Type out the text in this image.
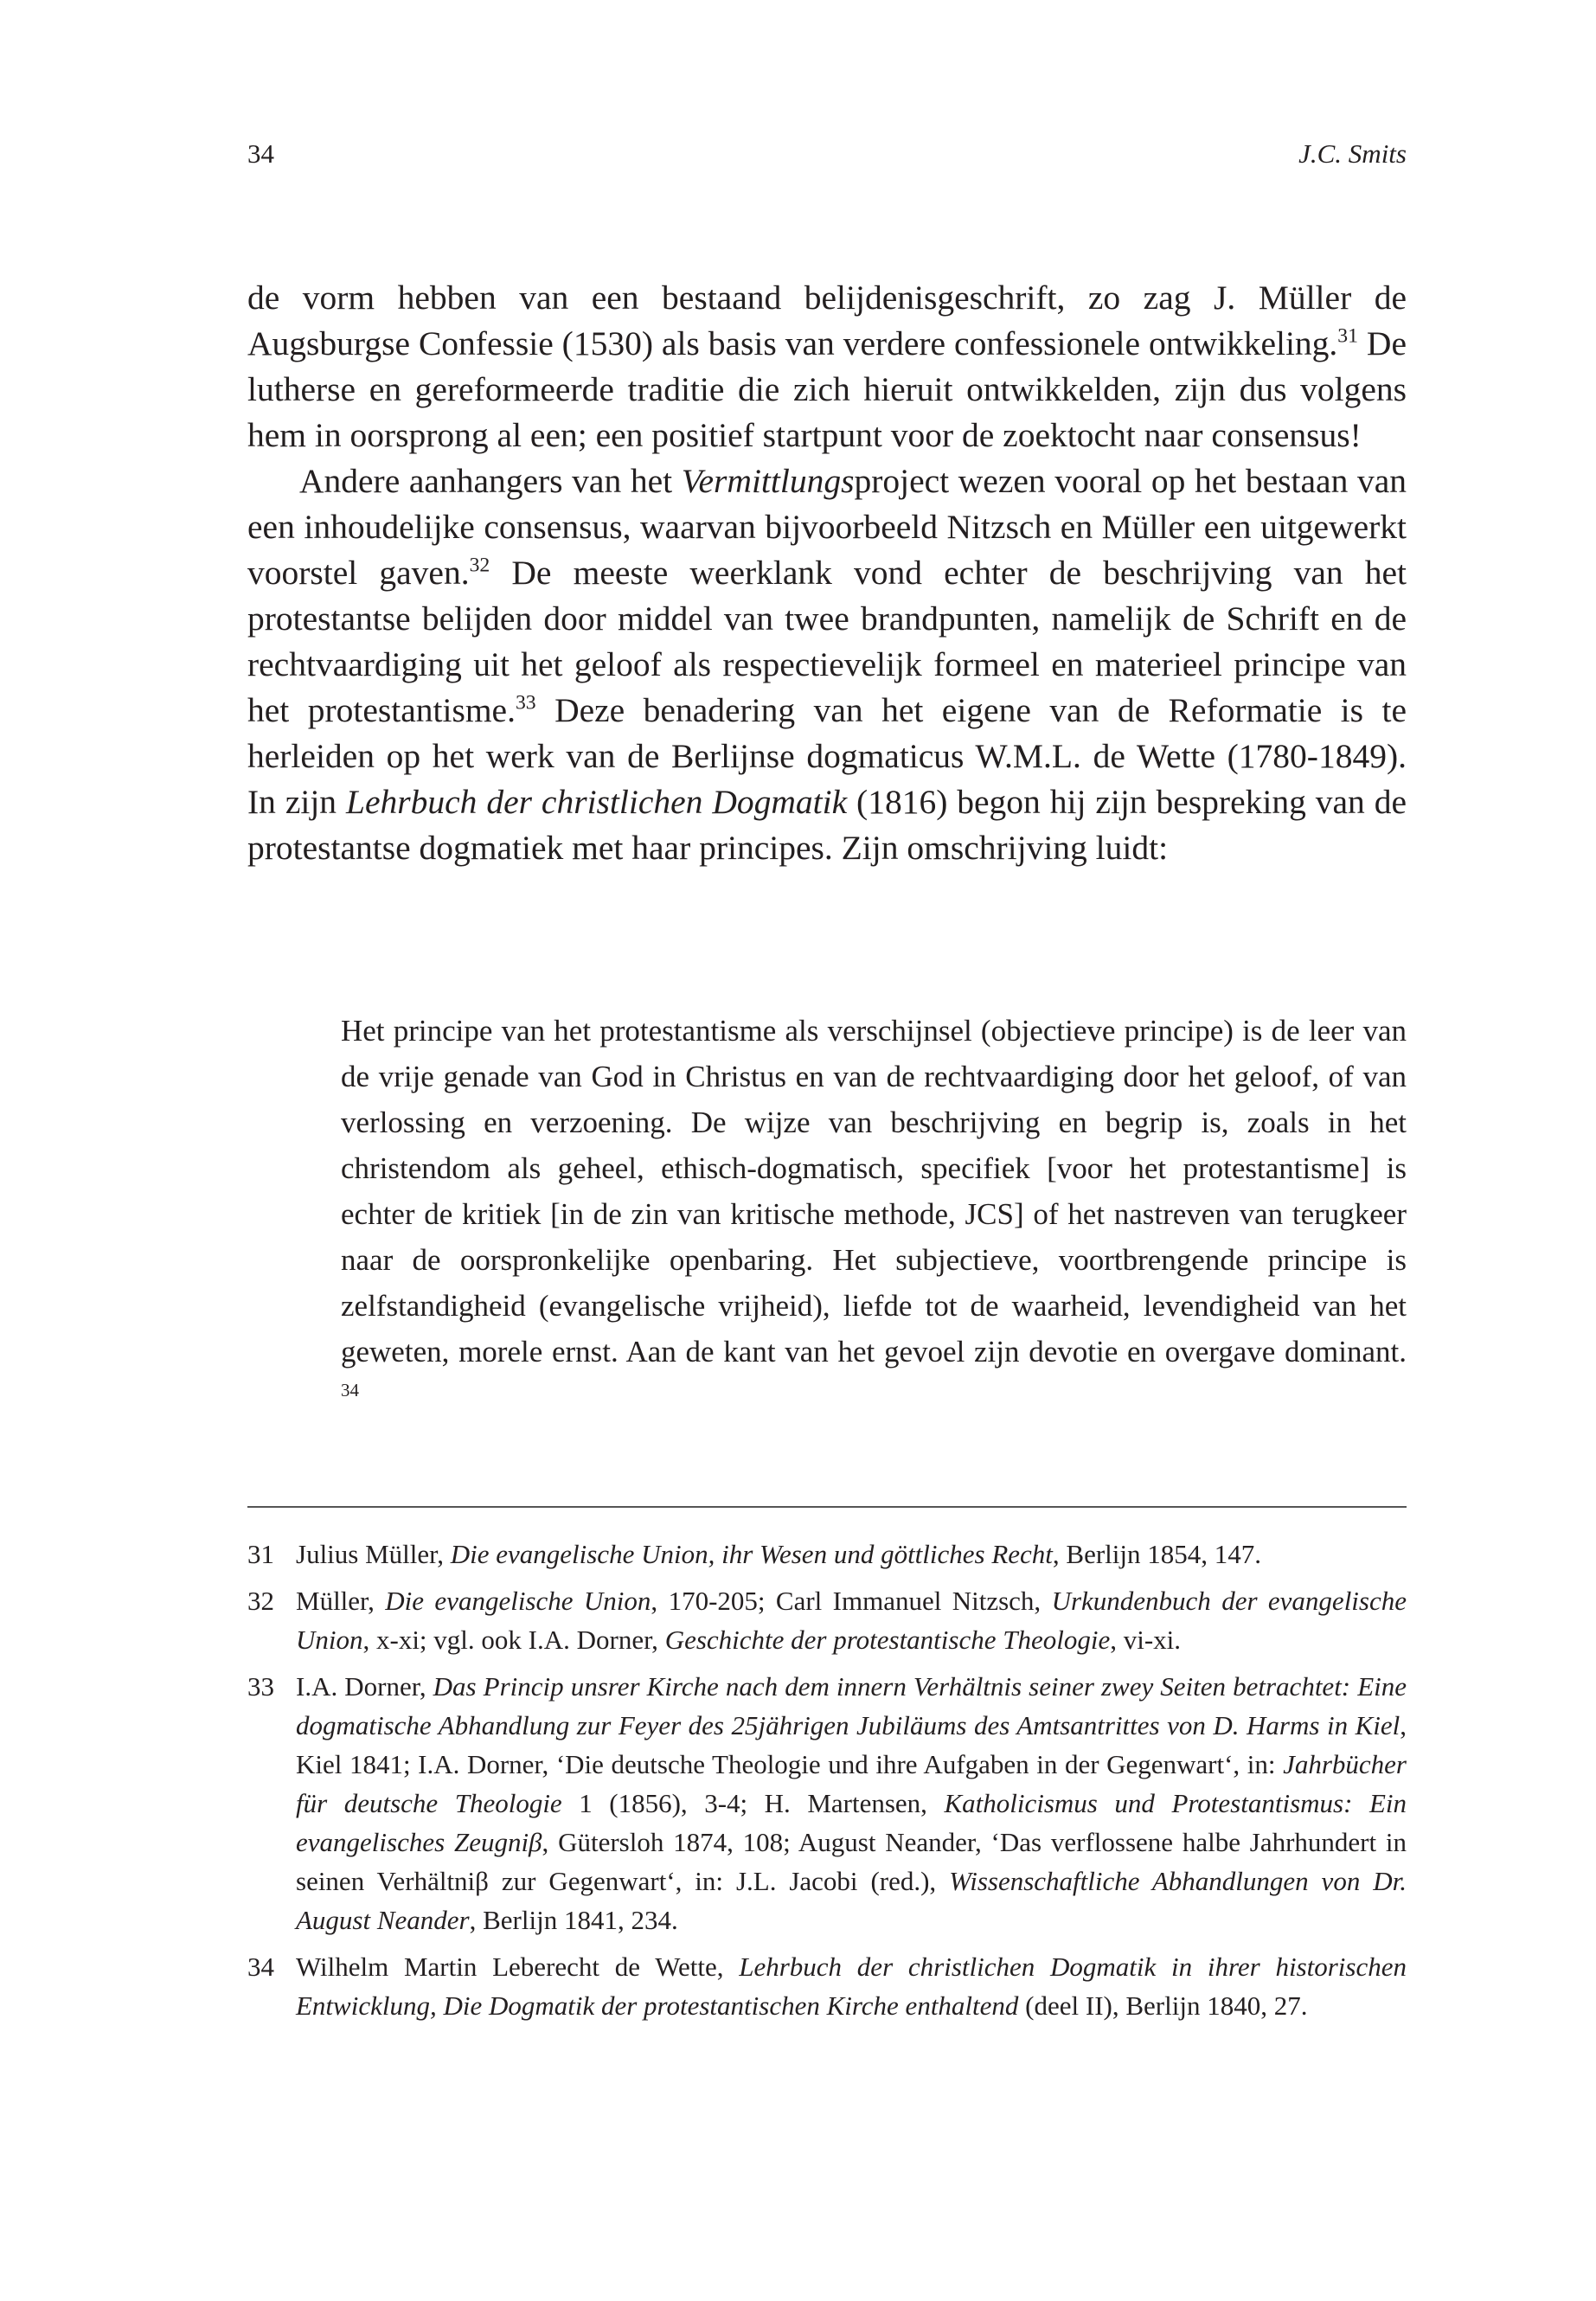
34	J.C. Smits

de vorm hebben van een bestaand belijdenisgeschrift, zo zag J. Müller de Augsburgse Confessie (1530) als basis van verdere confessionele ontwikkeling.$^{31}$ De lutherse en gereformeerde traditie die zich hieruit ontwikkelden, zijn dus volgens hem in oorsprong al een; een positief startpunt voor de zoektocht naar consensus!

Andere aanhangers van het Vermittlungsproject wezen vooral op het bestaan van een inhoudelijke consensus, waarvan bijvoorbeeld Nitzsch en Müller een uitgewerkt voorstel gaven.$^{32}$ De meeste weerklank vond echter de beschrijving van het protestantse belijden door middel van twee brandpunten, namelijk de Schrift en de rechtvaardiging uit het geloof als respectievelijk formeel en materieel principe van het protestantisme.$^{33}$ Deze benadering van het eigene van de Reformatie is te herleiden op het werk van de Berlijnse dogmaticus W.M.L. de Wette (1780-1849). In zijn Lehrbuch der christlichen Dogmatik (1816) begon hij zijn bespreking van de protestantse dogmatiek met haar principes. Zijn omschrijving luidt:

Het principe van het protestantisme als verschijnsel (objectieve principe) is de leer van de vrije genade van God in Christus en van de rechtvaardiging door het geloof, of van verlossing en verzoening. De wijze van beschrijving en begrip is, zoals in het christendom als geheel, ethisch-dogmatisch, specifiek [voor het protestantisme] is echter de kritiek [in de zin van kritische methode, JCS] of het nastreven van terugkeer naar de oorspronkelijke openbaring. Het subjectieve, voortbrengende principe is zelfstandigheid (evangelische vrijheid), liefde tot de waarheid, levendigheid van het geweten, morele ernst. Aan de kant van het gevoel zijn devotie en overgave dominant. $^{34}$
31 Julius Müller, Die evangelische Union, ihr Wesen und göttliches Recht, Berlijn 1854, 147.
32 Müller, Die evangelische Union, 170-205; Carl Immanuel Nitzsch, Urkundenbuch der evangelische Union, x-xi; vgl. ook I.A. Dorner, Geschichte der protestantische Theologie, vi-xi.
33 I.A. Dorner, Das Princip unsrer Kirche nach dem innern Verhältnis seiner zwey Seiten betrachtet: Eine dogmatische Abhandlung zur Feyer des 25jährigen Jubiläums des Amtsantrittes von D. Harms in Kiel, Kiel 1841; I.A. Dorner, ‘Die deutsche Theologie und ihre Aufgaben in der Gegenwart‘, in: Jahrbücher für deutsche Theologie 1 (1856), 3-4; H. Martensen, Katholicismus und Protestantismus: Ein evangelisches Zeugniβ, Gütersloh 1874, 108; August Neander, ‘Das verflossene halbe Jahrhundert in seinen Verhältniβ zur Gegenwart‘, in: J.L. Jacobi (red.), Wissenschaftliche Abhandlungen von Dr. August Neander, Berlijn 1841, 234.
34 Wilhelm Martin Leberecht de Wette, Lehrbuch der christlichen Dogmatik in ihrer historischen Entwicklung, Die Dogmatik der protestantischen Kirche enthaltend (deel II), Berlijn 1840, 27.
